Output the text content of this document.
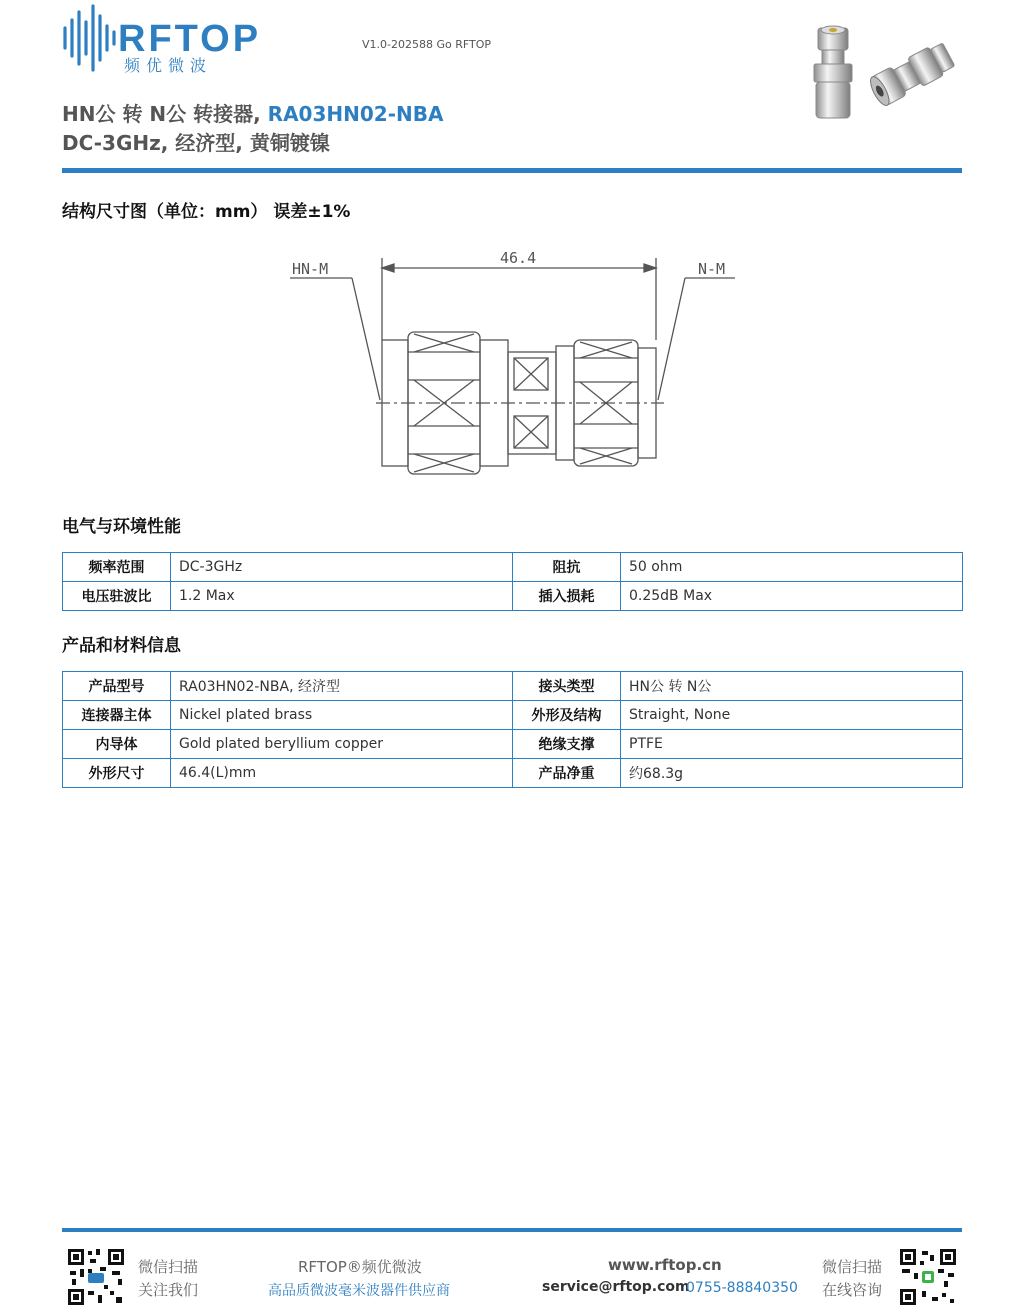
RFTOP
频优微波
V1.0-202588 Go RFTOP
HN公 转 N公 转接器, RA03HN02-NBA
DC-3GHz, 经济型, 黄铜镀镍
结构尺寸图（单位：mm） 误差±1%
HN-M	N-M
46.4
电气与环境性能
频率范围	DC-3GHz	阻抗	50 ohm
电压驻波比	1.2 Max	插入损耗	0.25dB Max
产品和材料信息
产品型号	RA03HN02-NBA, 经济型	接头类型	HN公 转 N公
连接器主体	Nickel plated brass	外形及结构	Straight, None
内导体	Gold plated beryllium copper	绝缘支撑	PTFE
外形尺寸	46.4(L)mm	产品净重	约68.3g
微信扫描
关注我们
RFTOP®频优微波
高品质微波毫米波器件供应商
www.rftop.cn
service@rftop.com
0755-88840350
微信扫描
在线咨询
